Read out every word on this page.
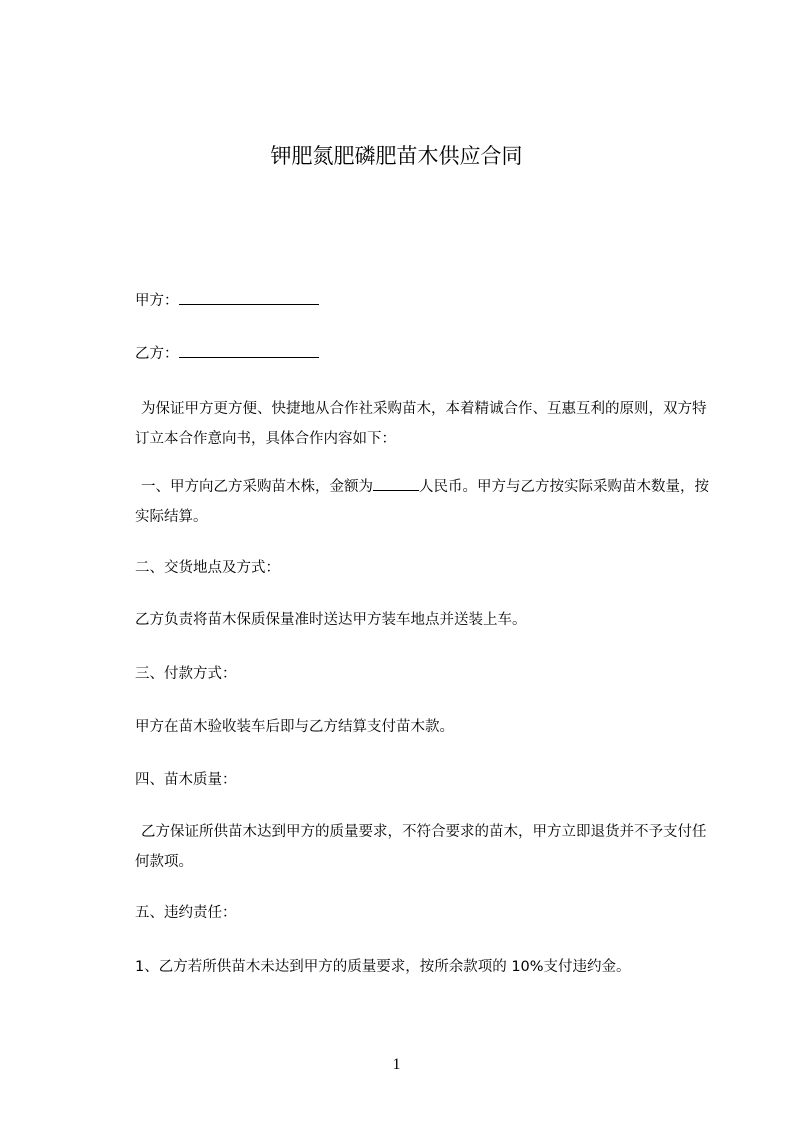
钾肥氮肥磷肥苗木供应合同
甲方：
乙方：
为保证甲方更方便、快捷地从合作社采购苗木，本着精诚合作、互惠互利的原则，双方特订立本合作意向书，具体合作内容如下：
一、甲方向乙方采购苗木株，金额为	人民币。甲方与乙方按实际采购苗木数量，按实际结算。
二、交货地点及方式：
乙方负责将苗木保质保量准时送达甲方装车地点并送装上车。
三、付款方式：
甲方在苗木验收装车后即与乙方结算支付苗木款。
四、苗木质量：
乙方保证所供苗木达到甲方的质量要求，不符合要求的苗木，甲方立即退货并不予支付任何款项。
五、违约责任：
1、乙方若所供苗木未达到甲方的质量要求，按所余款项的 10%支付违约金。
1
